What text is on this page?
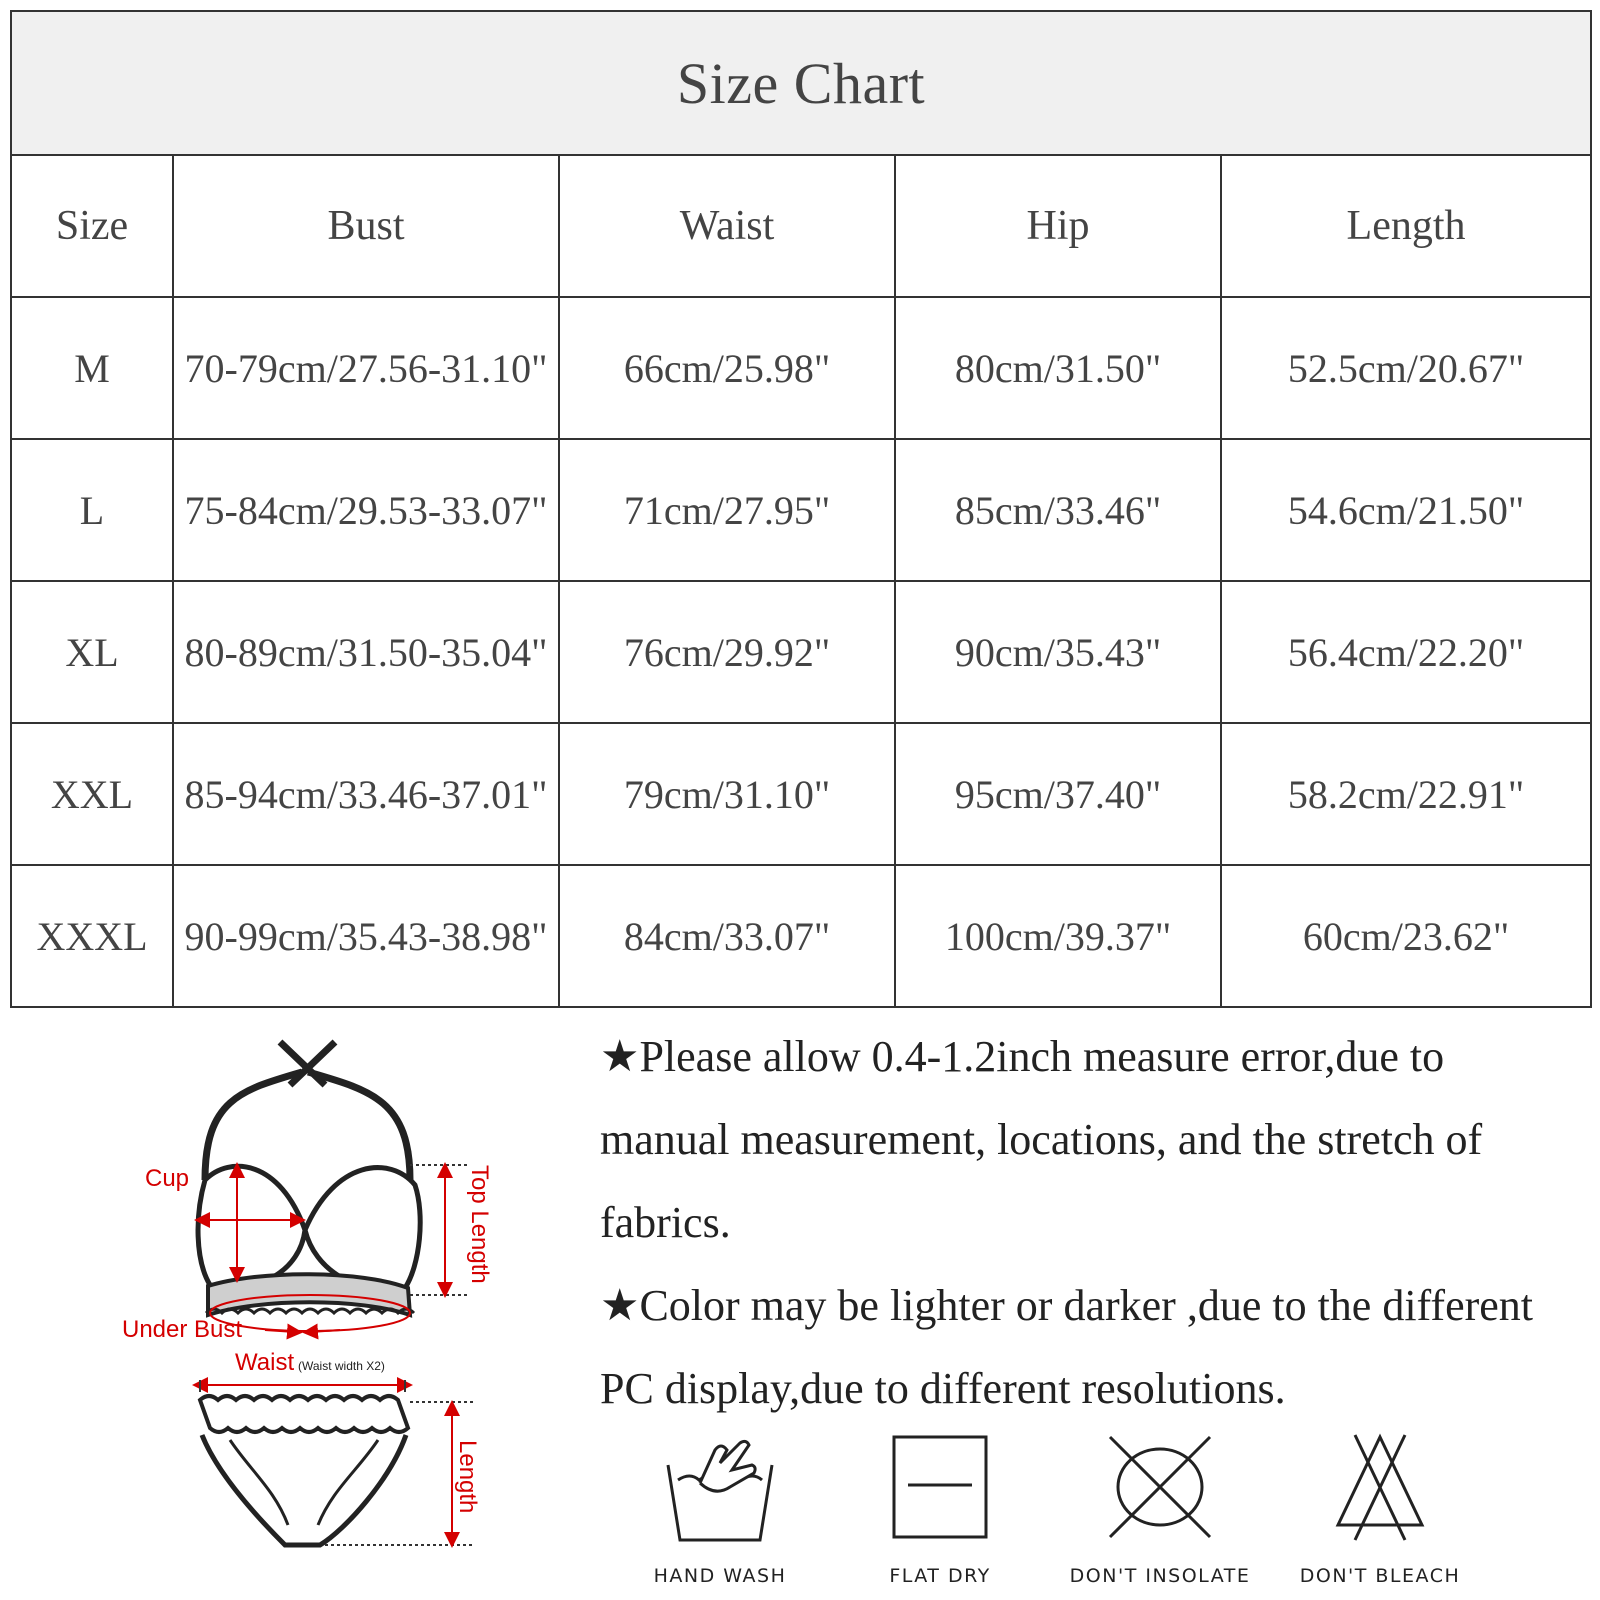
Size Chart				
Size	Bust	Waist	Hip	Length
M	70-79cm/27.56-31.10"	66cm/25.98"	80cm/31.50"	52.5cm/20.67"
L	75-84cm/29.53-33.07"	71cm/27.95"	85cm/33.46"	54.6cm/21.50"
XL	80-89cm/31.50-35.04"	76cm/29.92"	90cm/35.43"	56.4cm/22.20"
XXL	85-94cm/33.46-37.01"	79cm/31.10"	95cm/37.40"	58.2cm/22.91"
XXXL	90-99cm/35.43-38.98"	84cm/33.07"	100cm/39.37"	60cm/23.62"
Cup	Top Length
Under Bust
Waist (Waist width X2)
Length

★Please allow 0.4-1.2inch measure error,due to manual measurement, locations, and the stretch of fabrics.

★Color may be lighter or darker ,due to the different PC display,due to different resolutions.

HAND WASH	FLAT DRY	DON'T INSOLATE	DON'T BLEACH
